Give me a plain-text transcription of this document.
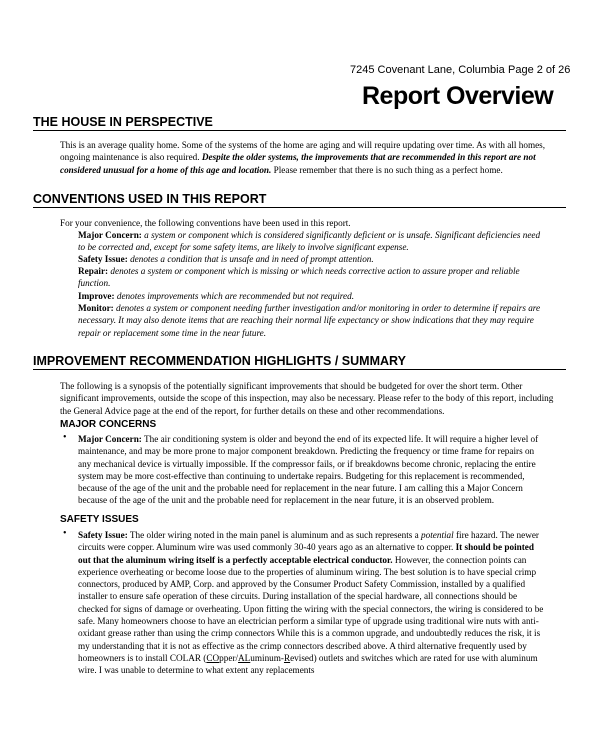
7245 Covenant Lane, Columbia Page 2 of 26
Report Overview
THE HOUSE IN PERSPECTIVE
This is an average quality home. Some of the systems of the home are aging and will require updating over time. As with all homes, ongoing maintenance is also required. Despite the older systems, the improvements that are recommended in this report are not considered unusual for a home of this age and location. Please remember that there is no such thing as a perfect home.
CONVENTIONS USED IN THIS REPORT
For your convenience, the following conventions have been used in this report.
Major Concern: a system or component which is considered significantly deficient or is unsafe. Significant deficiencies need to be corrected and, except for some safety items, are likely to involve significant expense.
Safety Issue: denotes a condition that is unsafe and in need of prompt attention.
Repair: denotes a system or component which is missing or which needs corrective action to assure proper and reliable function.
Improve: denotes improvements which are recommended but not required.
Monitor: denotes a system or component needing further investigation and/or monitoring in order to determine if repairs are necessary. It may also denote items that are reaching their normal life expectancy or show indications that they may require repair or replacement some time in the near future.
IMPROVEMENT RECOMMENDATION HIGHLIGHTS / SUMMARY
The following is a synopsis of the potentially significant improvements that should be budgeted for over the short term. Other significant improvements, outside the scope of this inspection, may also be necessary. Please refer to the body of this report, including the General Advice page at the end of the report, for further details on these and other recommendations.
MAJOR CONCERNS
• Major Concern: The air conditioning system is older and beyond the end of its expected life. It will require a higher level of maintenance, and may be more prone to major component breakdown. Predicting the frequency or time frame for repairs on any mechanical device is virtually impossible. If the compressor fails, or if breakdowns become chronic, replacing the entire system may be more cost-effective than continuing to undertake repairs. Budgeting for this replacement is recommended, because of the age of the unit and the probable need for replacement in the near future. I am calling this a Major Concern because of the age of the unit and the probable need for replacement in the near future, it is an observed problem.
SAFETY ISSUES
• Safety Issue: The older wiring noted in the main panel is aluminum and as such represents a potential fire hazard. The newer circuits were copper. Aluminum wire was used commonly 30-40 years ago as an alternative to copper. It should be pointed out that the aluminum wiring itself is a perfectly acceptable electrical conductor. However, the connection points can experience overheating or become loose due to the properties of aluminum wiring. The best solution is to have special crimp connectors, produced by AMP, Corp. and approved by the Consumer Product Safety Commission, installed by a qualified installer to ensure safe operation of these circuits. During installation of the special hardware, all connections should be checked for signs of damage or overheating. Upon fitting the wiring with the special connectors, the wiring is considered to be safe. Many homeowners choose to have an electrician perform a similar type of upgrade using traditional wire nuts with anti-oxidant grease rather than using the crimp connectors While this is a common upgrade, and undoubtedly reduces the risk, it is my understanding that it is not as effective as the crimp connectors described above. A third alternative frequently used by homeowners is to install COLAR (COpper/ALuminum-Revised) outlets and switches which are rated for use with aluminum wire. I was unable to determine to what extent any replacements
